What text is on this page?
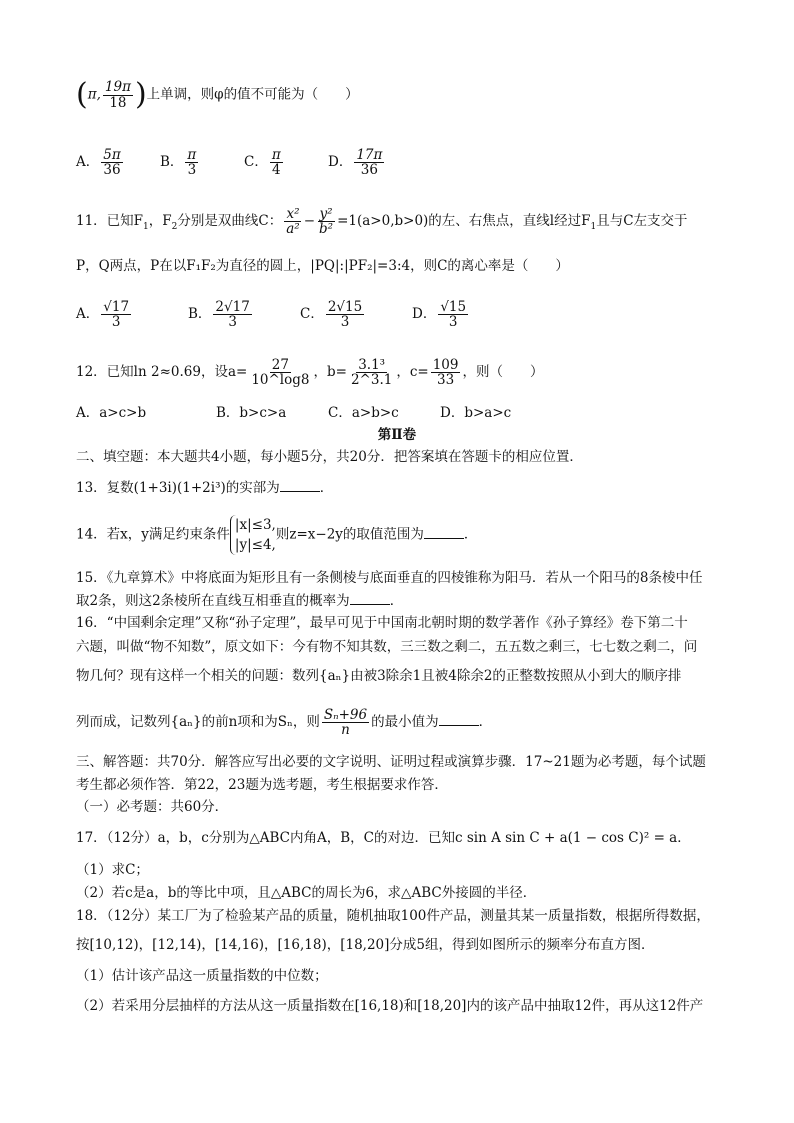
(π, $\frac{19\pi}{18}$ )上单调，则φ的值不可能为（　　）
A． $\frac{5\pi}{36}$	B． $\frac{\pi}{3}$	C． $\frac{\pi}{4}$	D． $\frac{17\pi}{36}$
11．已知$F_1$，$F_2$分别是双曲线C： $\frac{\text{x²}}{\text{a²}} - \frac{\text{y²}}{\text{b²}} =1(a>0,b>0)$的左、右焦点，直线l经过$F_1$且与C左支交于
P，Q两点，P在以F₁F₂为直径的圆上，|PQ|:|PF₂|=3:4，则C的离心率是（　　）
A． $\frac{√17}{3}$	B． $\frac{2√17}{3}$	C． $\frac{2√15}{3}$	D． $\frac{√15}{3}$
12．已知ln 2≈0.69，设$a= \frac{27}{10\^{}\log 8}$ ，$b= \frac{\text{3.1³}}{2\^{}3.1}$ ，$c= \frac{109}{33}$ ，则（　　）
A．a>c>b	B．b>c>a	C．a>b>c	D．b>a>c
第Ⅱ卷
二、填空题：本大题共4小题，每小题5分，共20分．把答案填在答题卡的相应位置．
13．复数(1+3i)(1+2i³)的实部为	．
14．若x，y满足约束条件
|x|≤3,
|y|≤4,
则z=x−2y的取值范围为	．
15．《九章算术》中将底面为矩形且有一条侧棱与底面垂直的四棱锥称为阳马．若从一个阳马的8条棱中任
取2条，则这2条棱所在直线互相垂直的概率为	．
16．“中国剩余定理”又称“孙子定理”，最早可见于中国南北朝时期的数学著作《孙子算经》卷下第二十
六题，叫做“物不知数”，原文如下：今有物不知其数，三三数之剩二，五五数之剩三，七七数之剩二，问
物几何？现有这样一个相关的问题：数列{aₙ}由被3除余1且被4除余2的正整数按照从小到大的顺序排
列而成，记数列{aₙ}的前n项和为Sₙ，则 $\frac{\text{Sₙ+96}}{n}$ 的最小值为	．
三、解答题：共70分．解答应写出必要的文字说明、证明过程或演算步骤．17~21题为必考题，每个试题
考生都必须作答．第22，23题为选考题，考生根据要求作答．
（一）必考题：共60分．
17．（12分）a，b，c分别为△ABC内角A，B，C的对边．已知c sin A sin C + a(1 − cos C)² = a．
（1）求C；
（2）若c是a，b的等比中项，且△ABC的周长为6，求△ABC外接圆的半径．
18．（12分）某工厂为了检验某产品的质量，随机抽取100件产品，测量其某一质量指数，根据所得数据，
按[10,12)，[12,14)，[14,16)，[16,18)，[18,20]分成5组，得到如图所示的频率分布直方图．
（1）估计该产品这一质量指数的中位数；
（2）若采用分层抽样的方法从这一质量指数在[16,18)和[18,20]内的该产品中抽取12件，再从这12件产
